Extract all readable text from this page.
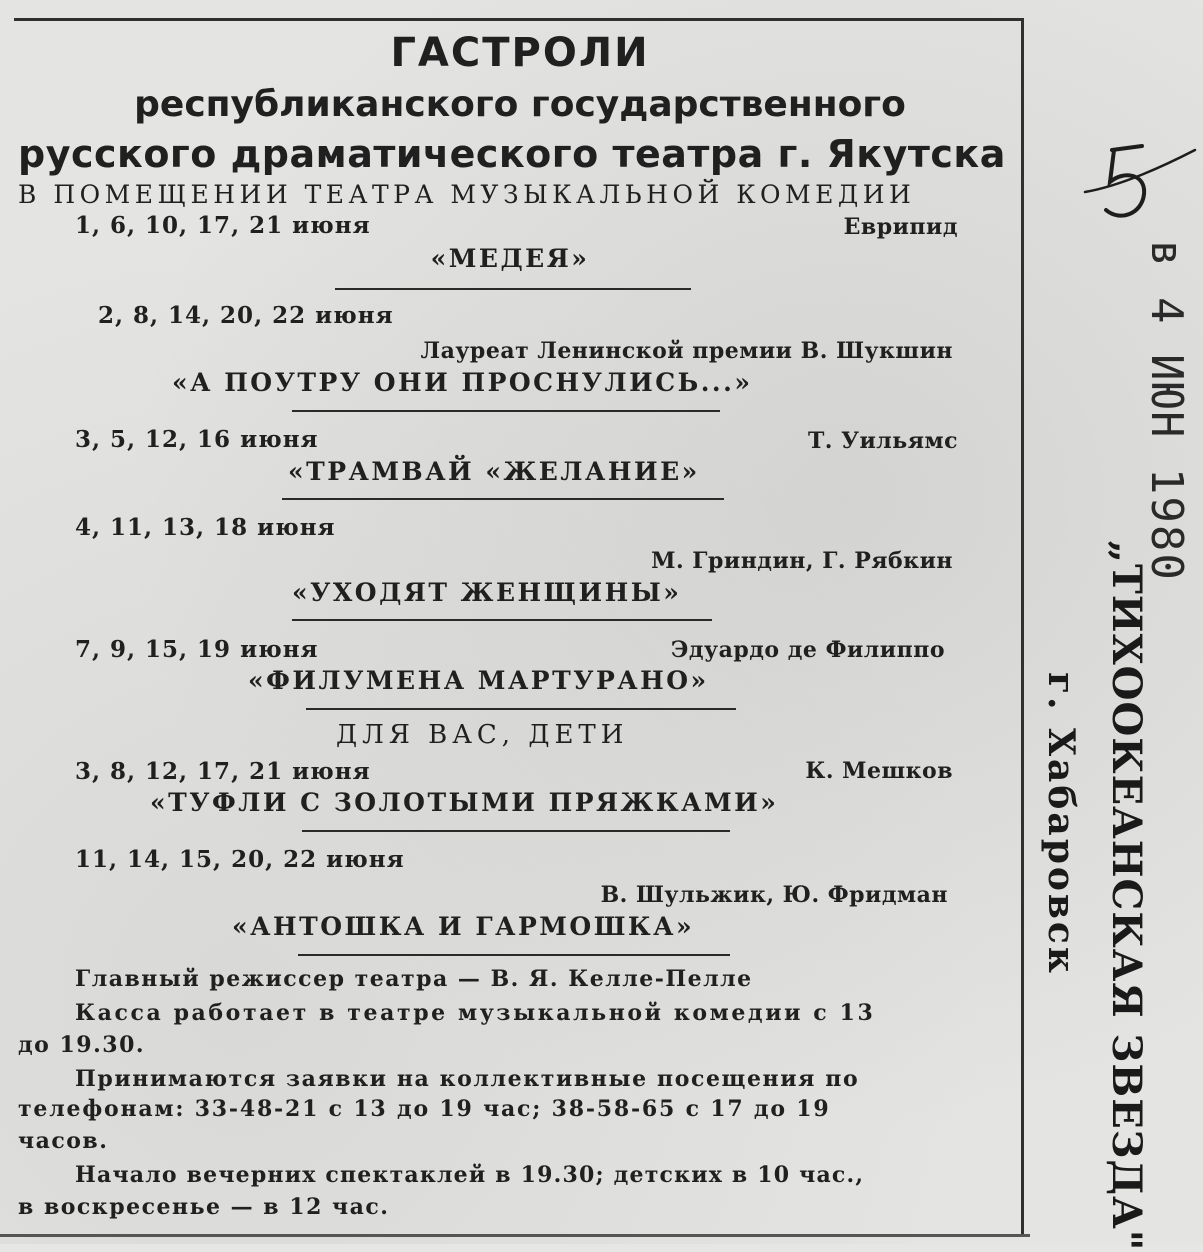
ГАСТРОЛИ
республиканского государственного
русского драматического театра г. Якутска
В ПОМЕЩЕНИИ ТЕАТРА МУЗЫКАЛЬНОЙ КОМЕДИИ
1, 6, 10, 17, 21 июня	Еврипид
«МЕДЕЯ»
2, 8, 14, 20, 22 июня
Лауреат Ленинской премии В. Шукшин
«А ПОУТРУ ОНИ ПРОСНУЛИСЬ...»
3, 5, 12, 16 июня	Т. Уильямс
«ТРАМВАЙ «ЖЕЛАНИЕ»
4, 11, 13, 18 июня
М. Гриндин, Г. Рябкин
«УХОДЯТ ЖЕНЩИНЫ»
7, 9, 15, 19 июня	Эдуардо де Филиппо
«ФИЛУМЕНА МАРТУРАНО»
ДЛЯ ВАС, ДЕТИ
3, 8, 12, 17, 21 июня	К. Мешков
«ТУФЛИ С ЗОЛОТЫМИ ПРЯЖКАМИ»
11, 14, 15, 20, 22 июня
В. Шульжик, Ю. Фридман
«АНТОШКА И ГАРМОШКА»
Главный режиссер театра — В. Я. Келле-Пелле
Касса работает в театре музыкальной комедии с 13
до 19.30.
Принимаются заявки на коллективные посещения по
телефонам: 33-48-21 с 13 до 19 час; 38-58-65 с 17 до 19
часов.
Начало вечерних спектаклей в 19.30; детских в 10 час.,
в воскресенье — в 12 час.
в 4 ИЮН 1980
„ТИХООКЕАНСКАЯ ЗВЕЗДА"
г. Хабаровск
